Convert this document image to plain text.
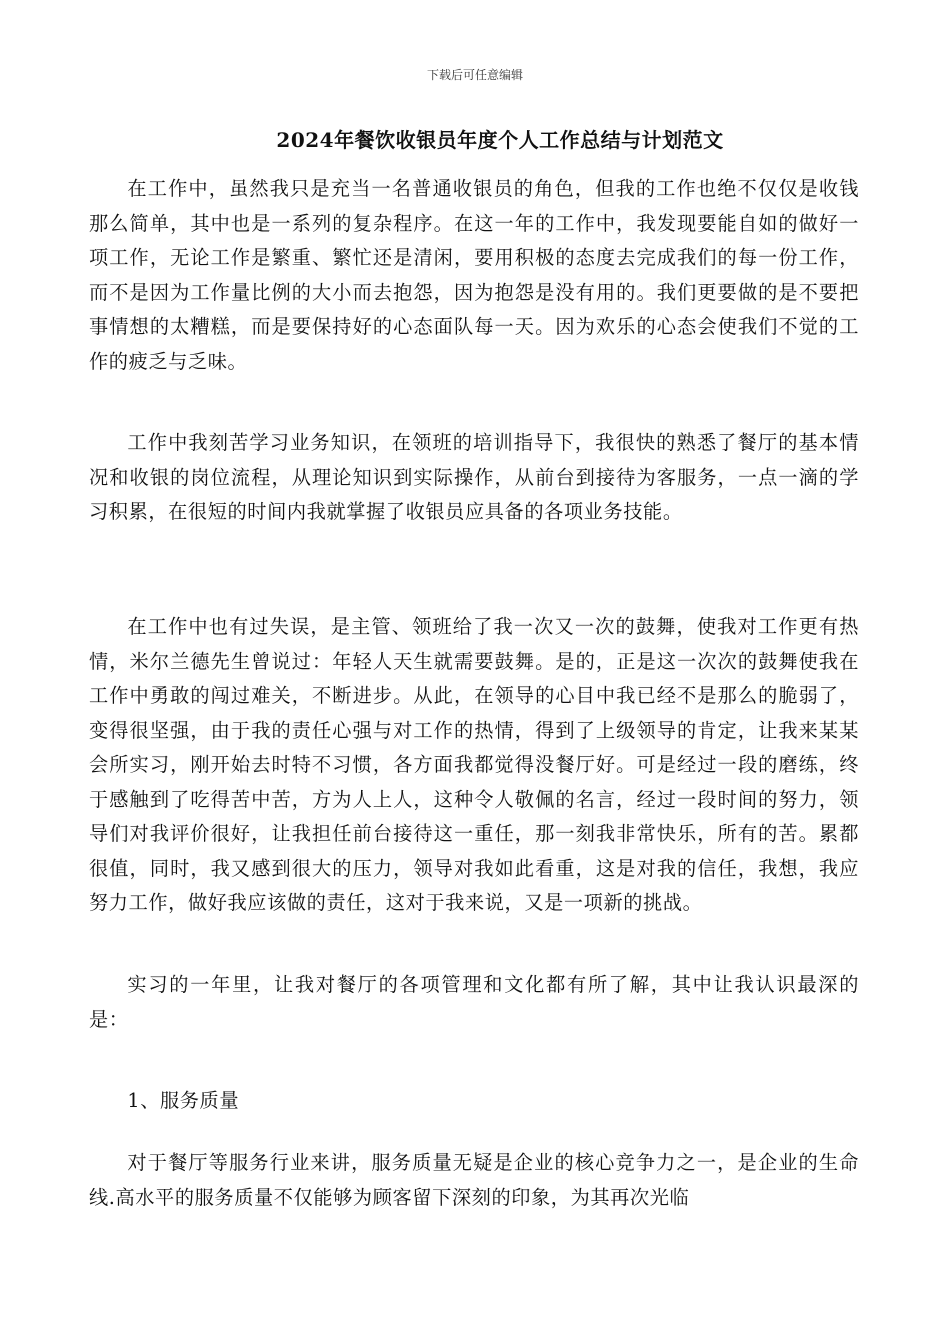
下载后可任意编辑
2024年餐饮收银员年度个人工作总结与计划范文

在工作中，虽然我只是充当一名普通收银员的角色，但我的工作也绝不仅仅是收钱那么简单，其中也是一系列的复杂程序。在这一年的工作中，我发现要能自如的做好一项工作，无论工作是繁重、繁忙还是清闲，要用积极的态度去完成我们的每一份工作，而不是因为工作量比例的大小而去抱怨，因为抱怨是没有用的。我们更要做的是不要把事情想的太糟糕，而是要保持好的心态面队每一天。因为欢乐的心态会使我们不觉的工作的疲乏与乏味。

工作中我刻苦学习业务知识，在领班的培训指导下，我很快的熟悉了餐厅的基本情况和收银的岗位流程，从理论知识到实际操作，从前台到接待为客服务，一点一滴的学习积累，在很短的时间内我就掌握了收银员应具备的各项业务技能。

在工作中也有过失误，是主管、领班给了我一次又一次的鼓舞，使我对工作更有热情，米尔兰德先生曾说过：年轻人天生就需要鼓舞。是的，正是这一次次的鼓舞使我在工作中勇敢的闯过难关，不断进步。从此，在领导的心目中我已经不是那么的脆弱了，变得很坚强，由于我的责任心强与对工作的热情，得到了上级领导的肯定，让我来某某会所实习，刚开始去时特不习惯，各方面我都觉得没餐厅好。可是经过一段的磨练，终于感触到了吃得苦中苦，方为人上人，这种令人敬佩的名言，经过一段时间的努力，领导们对我评价很好，让我担任前台接待这一重任，那一刻我非常快乐，所有的苦。累都很值，同时，我又感到很大的压力，领导对我如此看重，这是对我的信任，我想，我应努力工作，做好我应该做的责任，这对于我来说，又是一项新的挑战。

实习的一年里，让我对餐厅的各项管理和文化都有所了解，其中让我认识最深的是：

1、服务质量

对于餐厅等服务行业来讲，服务质量无疑是企业的核心竞争力之一，是企业的生命线.高水平的服务质量不仅能够为顾客留下深刻的印象，为其再次光临
